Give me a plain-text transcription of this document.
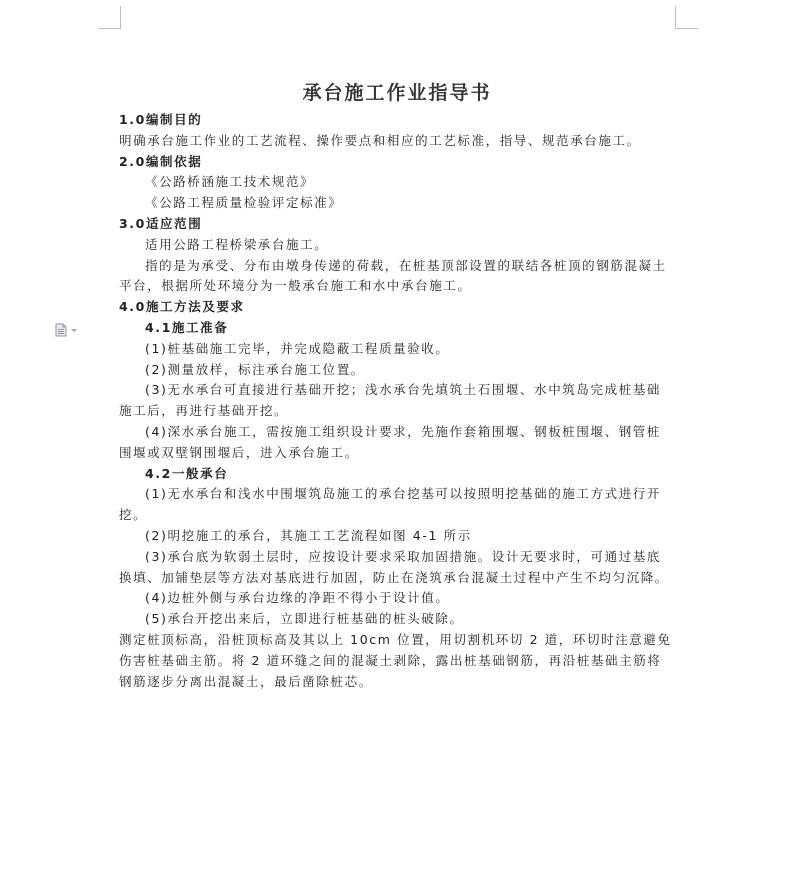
承台施工作业指导书

1.0编制目的

明确承台施工作业的工艺流程、操作要点和相应的工艺标准，指导、规范承台施工。

2.0编制依据

《公路桥涵施工技术规范》

《公路工程质量检验评定标准》

3.0适应范围

适用公路工程桥梁承台施工。

指的是为承受、分布由墩身传递的荷载，在桩基顶部设置的联结各桩顶的钢筋混凝土平台，根据所处环境分为一般承台施工和水中承台施工。

4.0施工方法及要求

4.1施工准备

(1)桩基础施工完毕，并完成隐蔽工程质量验收。

(2)测量放样，标注承台施工位置。

(3)无水承台可直接进行基础开挖；浅水承台先填筑土石围堰、水中筑岛完成桩基础施工后，再进行基础开挖。

(4)深水承台施工，需按施工组织设计要求，先施作套箱围堰、钢板桩围堰、钢管桩围堰或双壁钢围堰后，进入承台施工。

4.2一般承台

(1)无水承台和浅水中围堰筑岛施工的承台挖基可以按照明挖基础的施工方式进行开挖。

(2)明挖施工的承台，其施工工艺流程如图 4-1 所示

(3)承台底为软弱土层时，应按设计要求采取加固措施。设计无要求时，可通过基底换填、加铺垫层等方法对基底进行加固，防止在浇筑承台混凝土过程中产生不均匀沉降。

(4)边桩外侧与承台边缘的净距不得小于设计值。

(5)承台开挖出来后，立即进行桩基础的桩头破除。

测定桩顶标高，沿桩顶标高及其以上 10cm 位置，用切割机环切 2 道，环切时注意避免伤害桩基础主筋。将 2 道环缝之间的混凝土剥除，露出桩基础钢筋，再沿桩基础主筋将钢筋逐步分离出混凝土，最后凿除桩芯。
